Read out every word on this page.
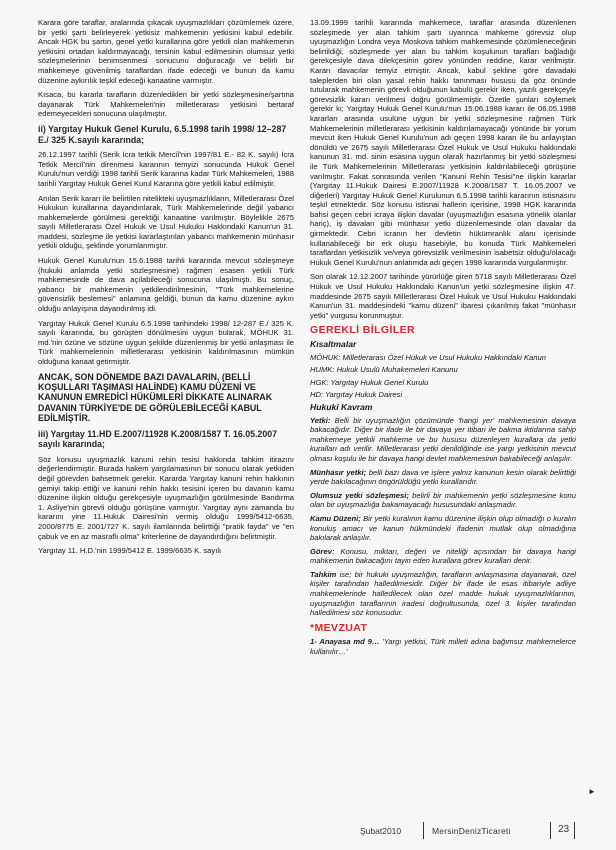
Karara göre taraflar, aralarında çıkacak uyuşmazlıkları çözümlemek üzere, bir yetki şartı belirleyerek yetkisiz mahkemenin yetkisini kabul edebilir. Ancak HGK bu şartın, genel yetki kurallarına göre yetkili olan mahkemenin yetkisini ortadan kaldırmayacağı, tersinin kabul edilmesinin olumsuz yetki sözleşmelerinin benimsenmesi sonucunu doğuracağı ve belirli bir mahkemeye güvenilmiş taraflardan ifade edeceği ve bunun da kamu düzenine aykırılık teşkil edeceği kanaatine varmıştır.

Kısaca, bu kararla tarafların düzenledikleri bir yetki sözleşmesine/şartına dayanarak Türk Mahkemeleri'nin milletlerarası yetkisini bertaraf edemeyecekleri sonucuna ulaşılmıştır.

ii) Yargıtay Hukuk Genel Kurulu, 6.5.1998 tarih 1998/ 12–287 E./ 325 K.sayılı kararında;

26.12.1997 tarihli (Serik İcra tetkik Merciî'nin 1997/81 E.- 82 K. sayılı) İcra Tetkik Merciî'nin direnmesi kararının temyizi sonucunda Hukuk Genel Kurulu'nun verdiği 1998 tarihli Serik kararına kadar Türk Mahkemeleri, 1988 tarihli Yargıtay Hukuk Genel Kurul Kararına göre yetkili kabul edilmiştir.

Anılan Serik kararı ile belirtilen nitelikteki uyuşmazlıkların, Milletlerarası Özel Hukukun kurallarına dayandırılarak, Türk Mahkemelerinde değil yabancı mahkemelerde görülmesi gerektiği kanaatine varılmıştır. Böylelikle 2675 sayılı Milletlerarası Özel Hukuk ve Usul Hukuku Hakkındaki Kanun'un 31. maddesi, sözleşme ile yetkisi kararlaştırılan yabancı mahkemenin münhasır yetkili olduğu, şeklinde yorumlanmıştır.

Hukuk Genel Kurulu'nun 15.6.1988 tarihli kararında mevcut sözleşmeye (hukuki anlamda yetki sözleşmesine) rağmen esasen yetkili Türk mahkemesinde de dava açılabileceği sonucuna ulaşılmıştı. Bu sonuç, yabancı bir mahkemenin yetkilendirilmesinin, "Türk mahkemelerine güvensizlik beslemesi" anlamına geldiği, bunun da kamu düzenine aykırı olduğu anlayışına dayandırılmış idi.

Yargıtay Hukuk Genel Kurulu 6.5.1998 tarihindeki 1998/ 12-287 E./ 325 K. sayılı kararında, bu görüşten dönülmesini uygun bularak, MÖHUK 31. md.'nin özüne ve sözüne uygun şekilde düzenlenmiş bir yetki anlaşması ile Türk mahkemelerinin milletlerarası yetkisinin kaldırılmasının mümkün olduğuna kanaat getirmiştir.

ANCAK, SON DÖNEMDE BAZI DAVALARIN, (BELLİ KOŞULLARI TAŞIMASI HALİNDE) KAMU DÜZENİ VE KANUNUN EMREDİCİ HÜKÜMLERİ DİKKATE ALINARAK DAVANIN TÜRKİYE'DE DE GÖRÜLEBİLECEĞİ KABUL EDİLMİŞTİR.
iii) Yargıtay 11.HD E.2007/11928 K.2008/1587 T. 16.05.2007 sayılı kararında;

Söz konusu uyuşmazlık kanuni rehin tesisi hakkında tahkim itirazını değerlendirmiştir. Burada hakem yargılamasının bir sonucu olarak yetkiden değil görevden bahsetmek gerekir. Kararda Yargıtay kanuni rehin hakkının gemiyi takip ettiği ve kanuni rehin hakkı tesisini içeren bu davanın kamu düzenine ilişkin olduğu gerekçesiyle uyuşmazlığın görülmesinde Bandırma 1. Asliye'nin görevli olduğu görüşüne varmıştır. Yargıtay aynı zamanda bu kararını yine 11.Hukuk Dairesi'nin vermiş olduğu 1999/5412-6635, 2000/8775 E. 2001/727 K. sayılı ilamlarında belirttiği "pratik fayda" ve "en çabuk ve en az masraflı olma" kriterlerine de dayandırdığını belirtmiştir.

Yargıtay 11. H.D.'nin 1999/5412 E. 1999/6635 K. sayılı

13.09.1999 tarihli kararında mahkemece, taraflar arasında düzenlenen sözleşmede yer alan tahkim şartı uyarınca mahkeme görevsiz olup uyuşmazlığın Londra veya Moskova tahkim mahkemesinde çözümleneceğinin belirtildiği, sözleşmede yer alan bu tahkim koşulunun tarafları bağladığı gerekçesiyle dava dilekçesinin görev yönünden reddine, karar verilmiştir. Kararı davacılar temyiz etmiştir. Ancak, kabul şekline göre davadaki taleplerden biri olan yasal rehin hakkı tanınması hususu da göz önünde tutularak mahkemenin görevli olduğunun kabulü gerekir iken, yazılı gerekçeyle görevsizlik kararı verilmesi doğru görülmemiştir. Özetle şunları söylemek gerekir ki; Yargıtay Hukuk Genel Kurulu'nun 15.06.1988 kararı ile 06.05.1998 kararları arasında usulüne uygun bir yetki sözleşmesine rağmen Türk Mahkemelerinin milletlerarası yetkisinin kaldırılamayacağı yönünde bir yorum mevcut iken Hukuk Genel Kurulu'nun adı geçen 1998 kararı ile bu anlayıştan dönüldü ve 2675 sayılı Milletlerarası Özel Hukuk ve Usul Hukuku hakkındaki kanunun 31. md. sinin esasına uygun olarak hazırlanmış bir yetki sözleşmesi ile Türk Mahkemelerinin Milletlerarası yetkisinin kaldırılabileceği görüşüne varılmıştır. Fakat sonrasında verilen "Kanuni Rehin Tesisi"ne ilişkin kararlar (Yargıtay 11.Hukuk Dairesi E.2007/11928 K.2008/1587 T. 16.05.2007 ve diğerleri) Yargıtay Hukuk Genel Kurulunun 6.5.1998 tarihli kararının istisnasını teşkil etmektedir. Söz konusu istisnai hallerin içerisine, 1998 HGK kararında bahsi geçen cebri icraya ilişkin davalar (uyuşmazlığın esasına yönelik olanlar hariç), iş davaları gibi münhasır yetki düzenlemesinde olan davalar da girmektedir. Cebri icranın her devletin hükümranlık alanı içerisinde kullanabileceği bir erk oluşu hasebiyle, bu konuda Türk Mahkemeleri taraflardan yetkisizlik ve/veya görevsizlik verilmesinin isabetsiz olduğu/olacağı Hukuk Genel Kurulu'nun anlatımda adı geçen 1998 kararında vurgulanmıştır.

Son olarak 12.12.2007 tarihinde yürürlüğe giren 5718 sayılı Milletlerarası Özel Hukuk ve Usul Hukuku Hakkındaki Kanun'un yetki sözleşmesine ilişkin 47. maddesinde 2675 sayılı Milletlerarası Özel Hukuk ve Usul Hukuku Hakkındaki Kanun'un 31. maddesindeki "kamu düzeni" ibaresi çıkarılmış fakat "münhasır yetki" vurgusu korunmuştur.

GEREKLİ BİLGİLER
Kısaltmalar
MÖHUK: Milletlerarası Özel Hukuk ve Usul Hukuku Hakkındaki Kanun
HUMK: Hukuk Usulü Muhakemeleri Kanunu
HGK: Yargıtay Hukuk Genel Kurulu
HD: Yargıtay Hukuk Dairesi
Hukuki Kavram
Yetki: Belli bir uyuşmazlığın çözümünde 'hangi yer' mahkemesinin davaya bakacağıdır. Diğer bir ifade ile bir davaya yer itibari ile bakma iktidarına sahip mahkemeye yetkili mahkeme ve bu hususu düzenleyen kurallara da yetki kuralları adı verilir. Milletlerarası yetki denildiğinde ise yargı yetkisinin mevcut olması koşulu ile bir davaya hangi devlet mahkemesinin bakabileceği anlaşılır.
Münhasır yetki; belli bazı dava ve işlere yalnız kanunun kesin olarak belirttiği yerde bakılacağının öngörüldüğü yetki kurallarıdır.
Olumsuz yetki sözleşmesi; belirli bir mahkemenin yetki sözleşmesine konu olan bir uyuşmazlığa bakamayacağı hususundaki anlaşmadır.
Kamu Düzeni; Bir yetki kuralının kamu düzenine ilişkin olup olmadığı o kuralın konuluş amacı ve kanun hükmündeki ifadenin mutlak olup olmadığına bakılarak anlaşılır.
Görev: Konusu, miktarı, değeri ve niteliği açısından bir davaya hangi mahkemenin bakacağını tayin eden kurallara görev kuralları denir.
Tahkim ise; bir hukuki uyuşmazlığın, tarafların anlaşmasına dayanarak, özel kişiler tarafından halledilmesidir. Diğer bir ifade ile esas itibariyle adliye mahkemelerinde halledilecek olan özel madde hukuk uyuşmazlıklarının, uyuşmazlığın taraflarının iradesi doğrultusunda, özel 3. kişiler tarafından halledilmesi söz konusudur.
*MEVZUAT
1- Anayasa md 9… 'Yargı yetkisi, Türk milleti adına bağımsız mahkemelerce kullanılır…'
►
Şubat2010	MersinDenizTicareti	23
